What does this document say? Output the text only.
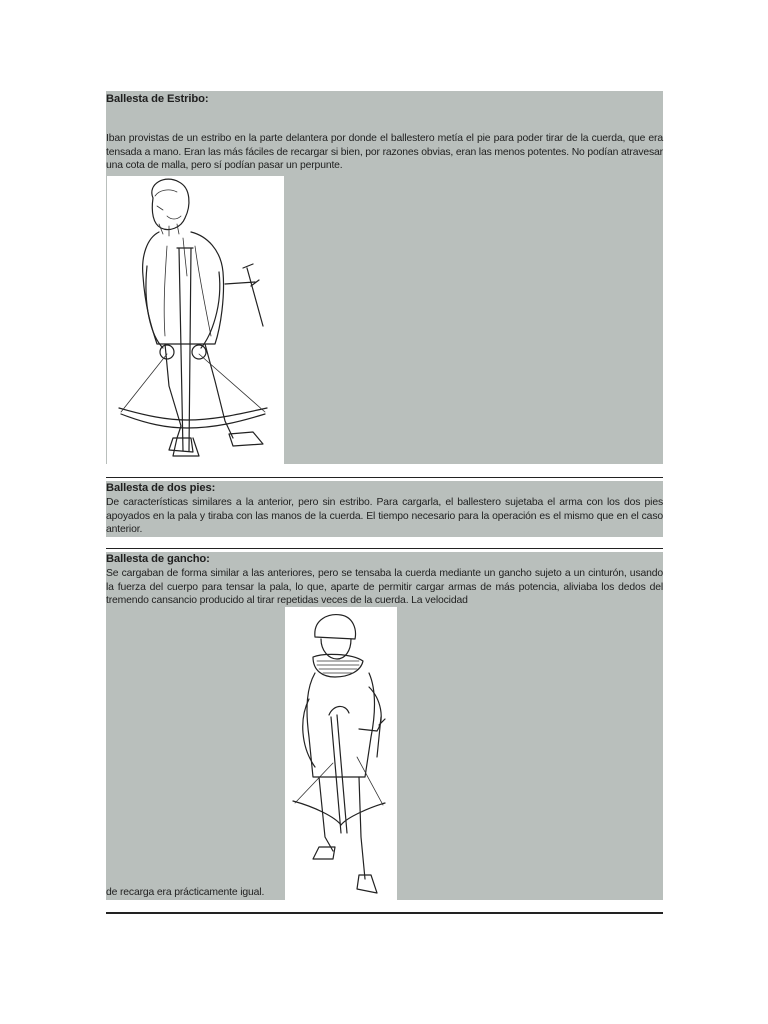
Ballesta de Estribo:
Iban provistas de un estribo en la parte delantera por donde el ballestero metía el pie para poder tirar de la cuerda, que era tensada a mano. Eran las más fáciles de recargar si bien, por razones obvias, eran las menos potentes. No podían atravesar una cota de malla, pero sí podían pasar un perpunte.
Ballesta de dos pies:
De características similares a la anterior, pero sin estribo. Para cargarla, el ballestero sujetaba el arma con los dos pies apoyados en la pala y tiraba con las manos de la cuerda. El tiempo necesario para la operación es el mismo que en el caso anterior.
Ballesta de gancho:
Se cargaban de forma similar a las anteriores, pero se tensaba la cuerda mediante un gancho sujeto a un cinturón, usando la fuerza del cuerpo para tensar la pala, lo que, aparte de permitir cargar armas de más potencia, aliviaba los dedos del tremendo cansancio producido al tirar repetidas veces de la cuerda. La velocidad
de recarga era prácticamente igual.
